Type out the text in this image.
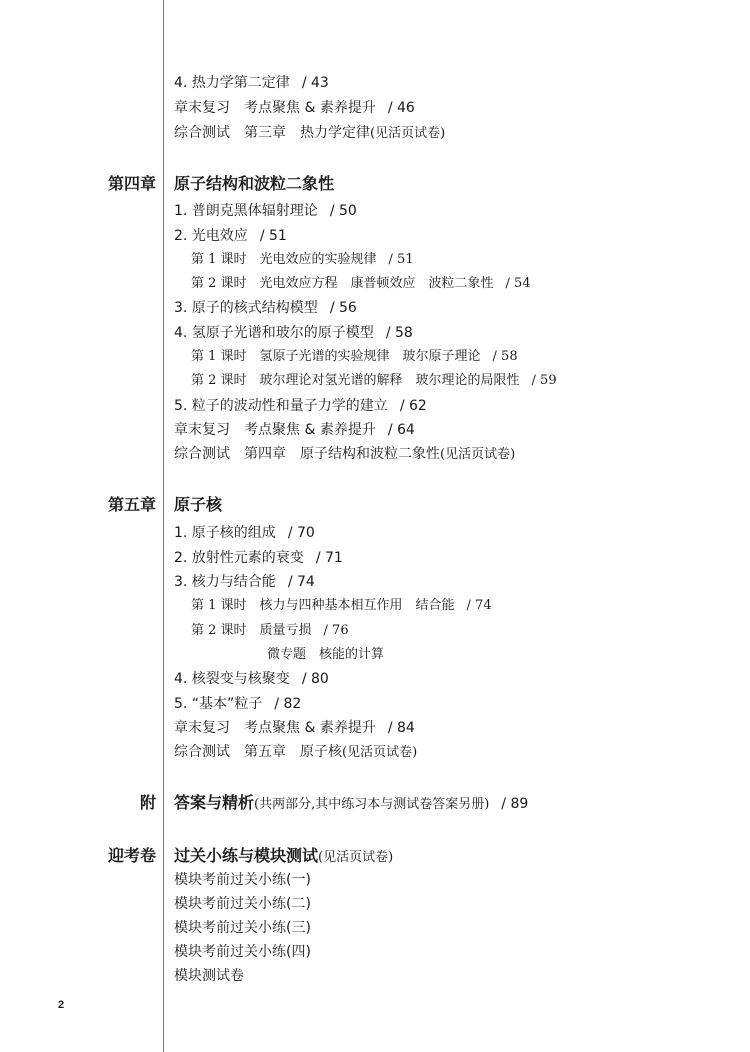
4. 热力学第二定律 / 43
章末复习　考点聚焦 & 素养提升 / 46
综合测试　第三章　热力学定律(见活页试卷)
第四章 原子结构和波粒二象性
1. 普朗克黑体辐射理论 / 50
2. 光电效应 / 51
第 1 课时　光电效应的实验规律 / 51
第 2 课时　光电效应方程　康普顿效应　波粒二象性 / 54
3. 原子的核式结构模型 / 56
4. 氢原子光谱和玻尔的原子模型 / 58
第 1 课时　氢原子光谱的实验规律　玻尔原子理论 / 58
第 2 课时　玻尔理论对氢光谱的解释　玻尔理论的局限性 / 59
5. 粒子的波动性和量子力学的建立 / 62
章末复习　考点聚焦 & 素养提升 / 64
综合测试　第四章　原子结构和波粒二象性(见活页试卷)
第五章 原子核
1. 原子核的组成 / 70
2. 放射性元素的衰变 / 71
3. 核力与结合能 / 74
第 1 课时　核力与四种基本相互作用　结合能 / 74
第 2 课时　质量亏损 / 76
微专题　核能的计算
4. 核裂变与核聚变 / 80
5. “基本”粒子 / 82
章末复习　考点聚焦 & 素养提升 / 84
综合测试　第五章　原子核(见活页试卷)
附 答案与精析(共两部分,其中练习本与测试卷答案另册) / 89
迎考卷 过关小练与模块测试(见活页试卷)
模块考前过关小练(一)
模块考前过关小练(二)
模块考前过关小练(三)
模块考前过关小练(四)
模块测试卷
2
